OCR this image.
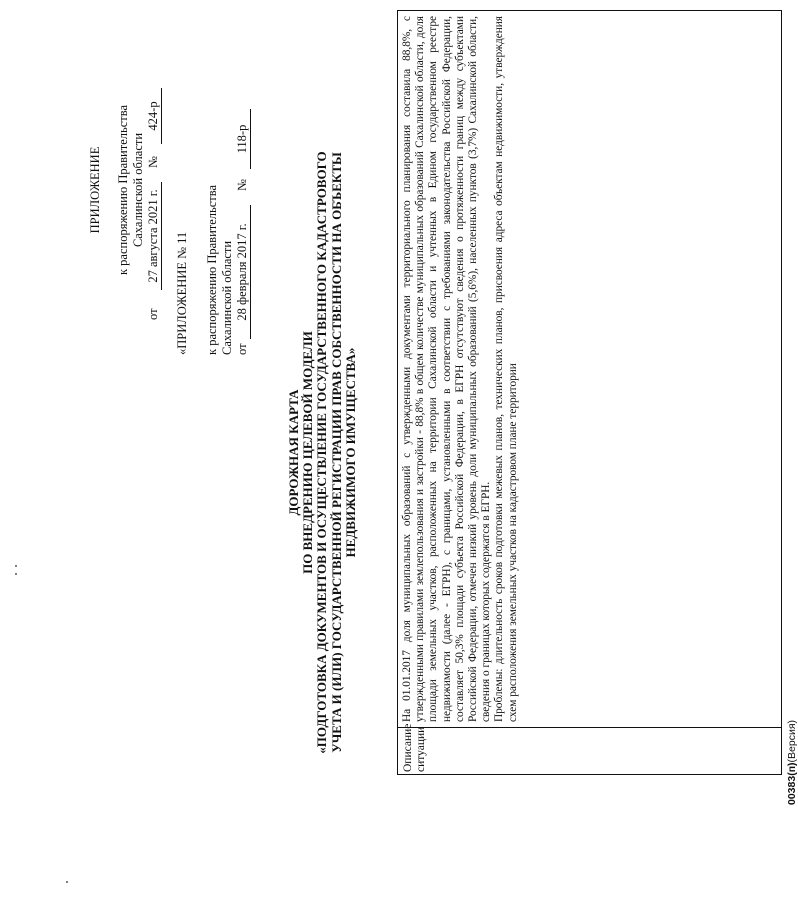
ПРИЛОЖЕНИЕ к распоряжению Правительства Сахалинской области
от
27 августа 2021 г.
№
424-р
«ПРИЛОЖЕНИЕ № 11 к распоряжению Правительства Сахалинской области от
28 февраля 2017 г.
№
118-р
ДОРОЖНАЯ КАРТА ПО ВНЕДРЕНИЮ ЦЕЛЕВОЙ МОДЕЛИ «ПОДГОТОВКА ДОКУМЕНТОВ И ОСУЩЕСТВЛЕНИЕ ГОСУДАРСТВЕННОГО КАДАСТРОВОГО УЧЕТА И (ИЛИ) ГОСУДАРСТВЕННОЙ РЕГИСТРАЦИИ ПРАВ СОБСТВЕННОСТИ НА ОБЪЕКТЫ НЕДВИЖИМОГО ИМУЩЕСТВА»
Описание ситуации

На 01.01.2017 доля муниципальных образований с утвержденными документами территориального планирования составила 88,8%, с утвержденными правилами землепользования и застройки - 88,8% в общем количестве муниципальных образований Сахалинской области, доля площади земельных участков, расположенных на территории Сахалинской области и учтенных в Едином государственном реестре недвижимости (далее - ЕГРН), с границами, установленными в соответствии с требованиями законодательства Российской Федерации, составляет 50,3% площади субъекта Российской Федерации, в ЕГРН отсутствуют сведения о протяженности границ между субъектами Российской Федерации, отмечен низкий уровень доли муниципальных образований (5,6%), населенных пунктов (3,7%) Сахалинской области, сведения о границах которых содержатся в ЕГРН. Проблемы: длительность сроков подготовки межевых планов, технических планов, присвоения адреса объектам недвижимости, утверждения схем расположения земельных участков на кадастровом плане территории

00383(п)(Версия)
